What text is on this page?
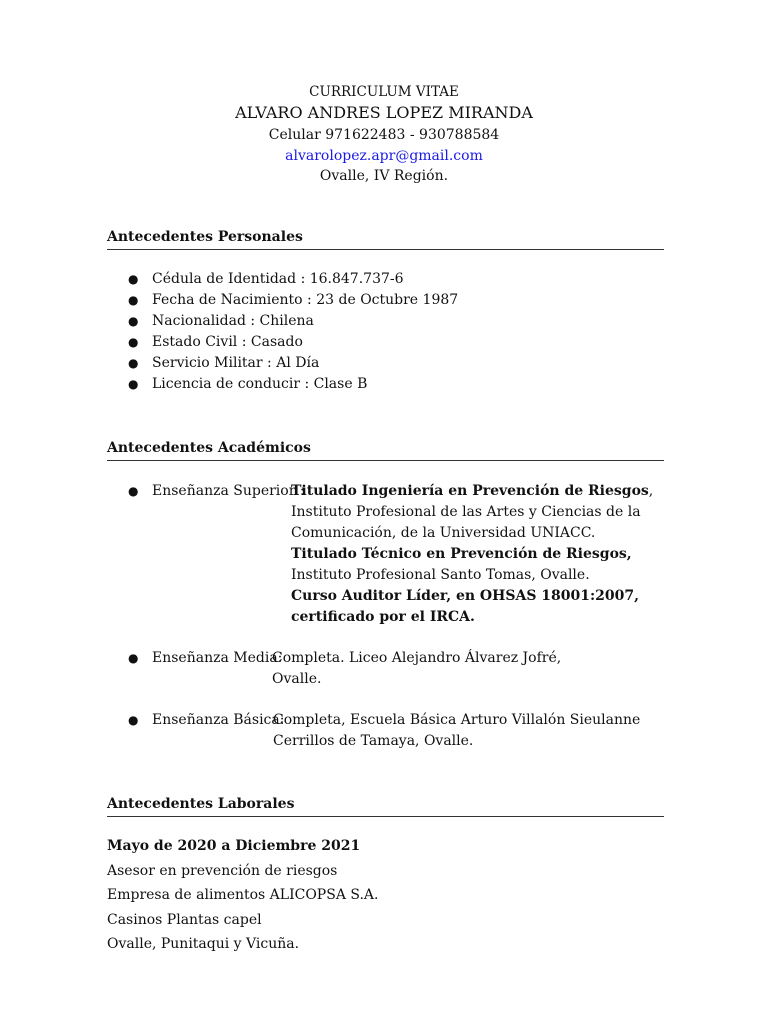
CURRICULUM VITAE
ALVARO ANDRES LOPEZ MIRANDA
Celular 971622483 - 930788584
alvarolopez.apr@gmail.com
Ovalle, IV Región.
Antecedentes Personales
● Cédula de Identidad : 16.847.737-6
● Fecha de Nacimiento : 23 de Octubre 1987
● Nacionalidad : Chilena
● Estado Civil : Casado
● Servicio Militar : Al Día
● Licencia de conducir : Clase B
Antecedentes Académicos
● Enseñanza Superior :
Titulado Ingeniería en Prevención de Riesgos,
Instituto Profesional de las Artes y Ciencias de la
Comunicación, de la Universidad UNIACC.
Titulado Técnico en Prevención de Riesgos,
Instituto Profesional Santo Tomas, Ovalle.
Curso Auditor Líder, en OHSAS 18001:2007,
certificado por el IRCA.
● Enseñanza Media:
Completa. Liceo Alejandro Álvarez Jofré,
Ovalle.
● Enseñanza Básica:
Completa, Escuela Básica Arturo Villalón Sieulanne
Cerrillos de Tamaya, Ovalle.
Antecedentes Laborales
Mayo de 2020 a Diciembre 2021
Asesor en prevención de riesgos
Empresa de alimentos ALICOPSA S.A.
Casinos Plantas capel
Ovalle, Punitaqui y Vicuña.
